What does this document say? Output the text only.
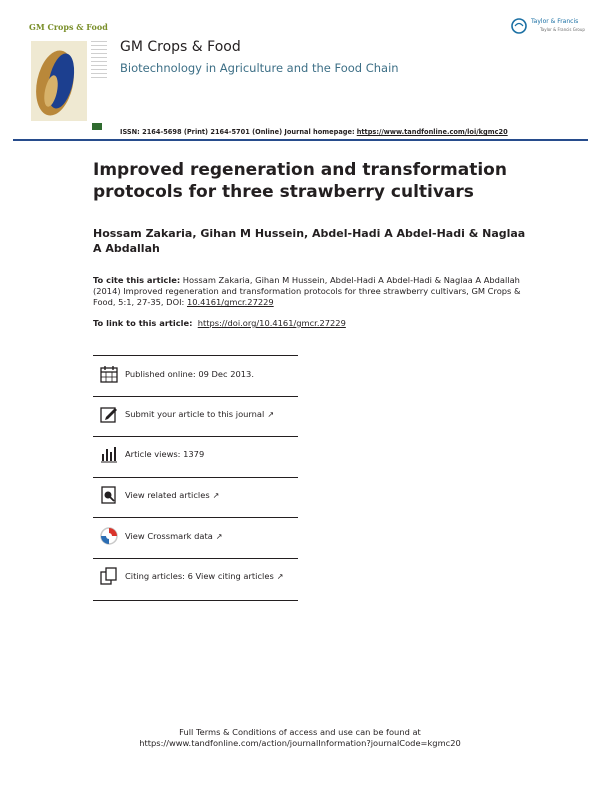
GM Crops & Food
GM Crops & Food
Biotechnology in Agriculture and the Food Chain
Taylor & Francis
Taylor & Francis Group
ISSN: 2164-5698 (Print) 2164-5701 (Online) Journal homepage: https://www.tandfonline.com/loi/kgmc20
Improved regeneration and transformation protocols for three strawberry cultivars
Hossam Zakaria, Gihan M Hussein, Abdel-Hadi A Abdel-Hadi & Naglaa A Abdallah
To cite this article: Hossam Zakaria, Gihan M Hussein, Abdel-Hadi A Abdel-Hadi & Naglaa A Abdallah (2014) Improved regeneration and transformation protocols for three strawberry cultivars, GM Crops & Food, 5:1, 27-35, DOI: 10.4161/gmcr.27229
To link to this article: https://doi.org/10.4161/gmcr.27229
Published online: 09 Dec 2013.
Submit your article to this journal ↗
Article views: 1379
View related articles ↗
View Crossmark data ↗
Citing articles: 6 View citing articles ↗
Full Terms & Conditions of access and use can be found at
https://www.tandfonline.com/action/journalInformation?journalCode=kgmc20
